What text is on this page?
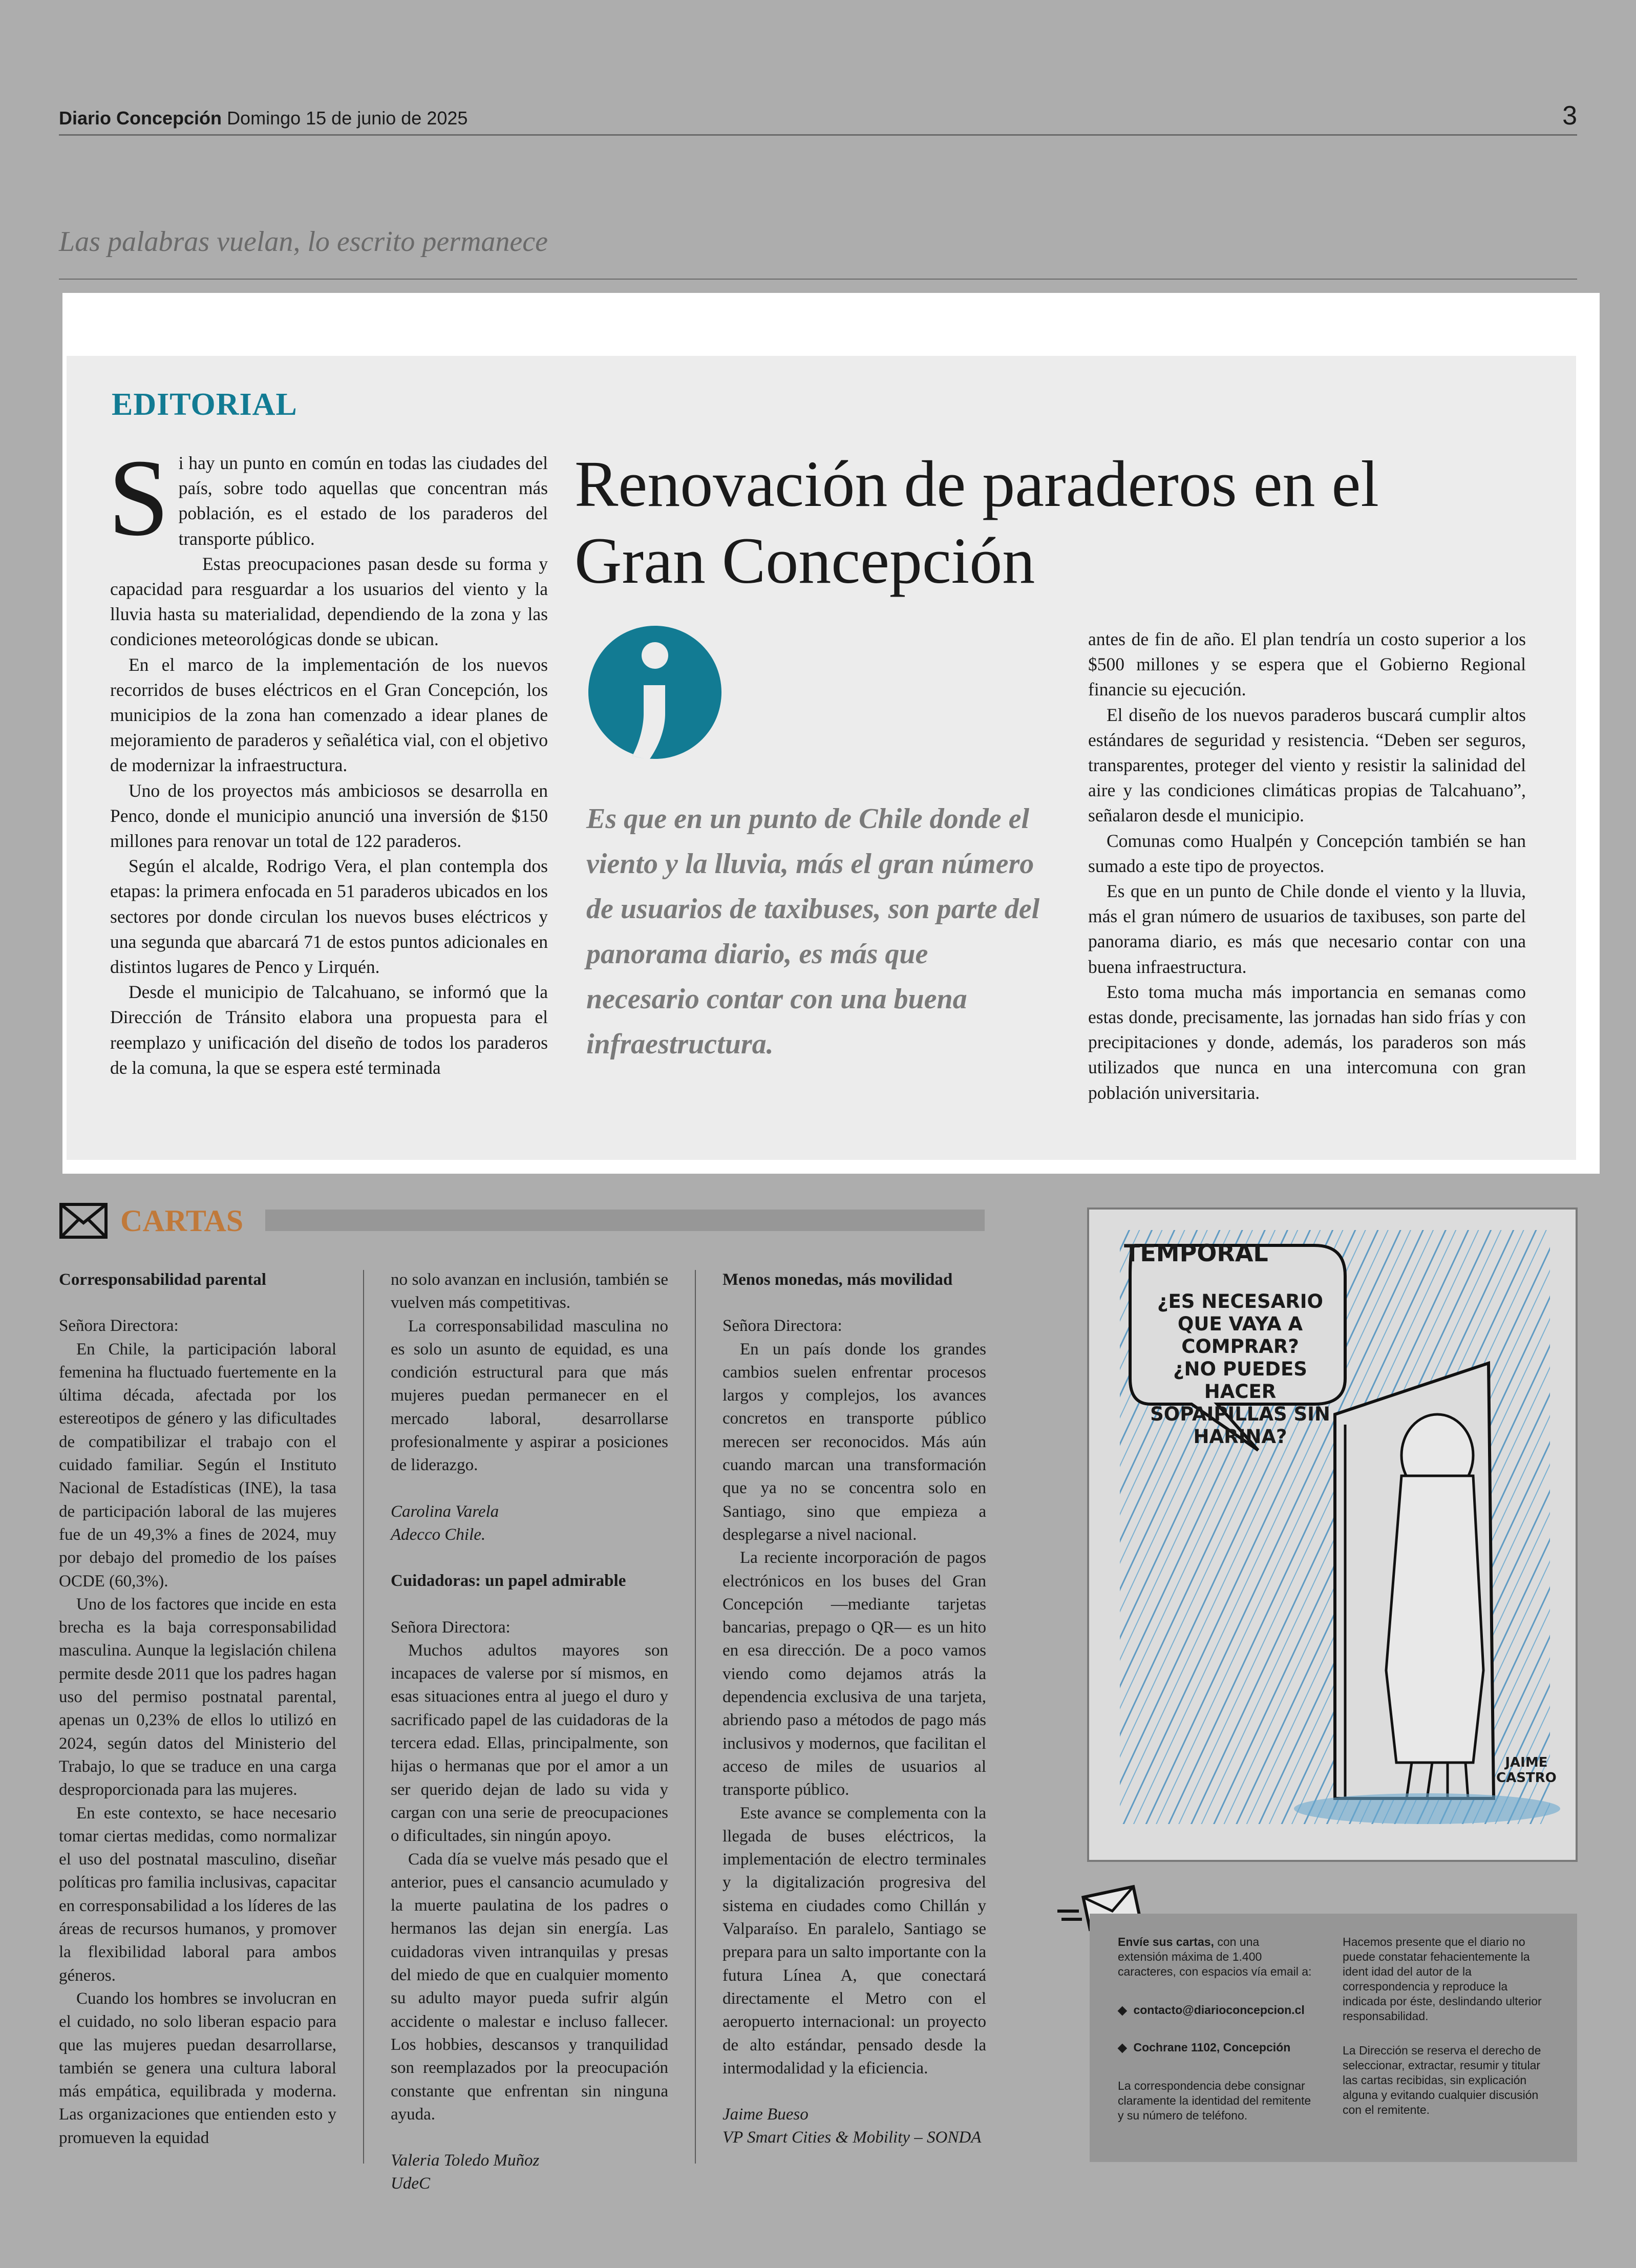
Diario Concepción Domingo 15 de junio de 2025	3
Las palabras vuelan, lo escrito permanece
EDITORIAL

Si hay un punto en común en todas las ciudades del país, sobre todo aquellas que concentran más población, es el estado de los paraderos del transporte público.

Estas preocupaciones pasan desde su forma y capacidad para resguardar a los usuarios del viento y la lluvia hasta su materialidad, dependiendo de la zona y las condiciones meteorológicas donde se ubican.

En el marco de la implementación de los nuevos recorridos de buses eléctricos en el Gran Concepción, los municipios de la zona han comenzado a idear planes de mejoramiento de paraderos y señalética vial, con el objetivo de modernizar la infraestructura.

Uno de los proyectos más ambiciosos se desarrolla en Penco, donde el municipio anunció una inversión de $150 millones para renovar un total de 122 paraderos.

Según el alcalde, Rodrigo Vera, el plan contempla dos etapas: la primera enfocada en 51 paraderos ubicados en los sectores por donde circulan los nuevos buses eléctricos y una segunda que abarcará 71 de estos puntos adicionales en distintos lugares de Penco y Lirquén.

Desde el municipio de Talcahuano, se informó que la Dirección de Tránsito elabora una propuesta para el reemplazo y unificación del diseño de todos los paraderos de la comuna, la que se espera esté terminada

Renovación de paraderos en el
Gran Concepción
Es que en un punto de Chile donde el viento y la lluvia, más el gran número de usuarios de taxibuses, son parte del panorama diario, es más que necesario contar con una buena infraestructura.

antes de fin de año. El plan tendría un costo superior a los $500 millones y se espera que el Gobierno Regional financie su ejecución.

El diseño de los nuevos paraderos buscará cumplir altos estándares de seguridad y resistencia. “Deben ser seguros, transparentes, proteger del viento y resistir la salinidad del aire y las condiciones climáticas propias de Talcahuano”, señalaron desde el municipio.

Comunas como Hualpén y Concepción también se han sumado a este tipo de proyectos.

Es que en un punto de Chile donde el viento y la lluvia, más el gran número de usuarios de taxibuses, son parte del panorama diario, es más que necesario contar con una buena infraestructura.

Esto toma mucha más importancia en semanas como estas donde, precisamente, las jornadas han sido frías y con precipitaciones y donde, además, los paraderos son más utilizados que nunca en una intercomuna con gran población universitaria.

CARTAS

Corresponsabilidad parental

Señora Directora:

En Chile, la participación laboral femenina ha fluctuado fuertemente en la última década, afectada por los estereotipos de género y las dificultades de compatibilizar el trabajo con el cuidado familiar. Según el Instituto Nacional de Estadísticas (INE), la tasa de participación laboral de las mujeres fue de un 49,3% a fines de 2024, muy por debajo del promedio de los países OCDE (60,3%).

Uno de los factores que incide en esta brecha es la baja corresponsabilidad masculina. Aunque la legislación chilena permite desde 2011 que los padres hagan uso del permiso postnatal parental, apenas un 0,23% de ellos lo utilizó en 2024, según datos del Ministerio del Trabajo, lo que se traduce en una carga desproporcionada para las mujeres.

En este contexto, se hace necesario tomar ciertas medidas, como normalizar el uso del postnatal masculino, diseñar políticas pro familia inclusivas, capacitar en corresponsabilidad a los líderes de las áreas de recursos humanos, y promover la flexibilidad laboral para ambos géneros.

Cuando los hombres se involucran en el cuidado, no solo liberan espacio para que las mujeres puedan desarrollarse, también se genera una cultura laboral más empática, equilibrada y moderna. Las organizaciones que entienden esto y promueven la equidad

no solo avanzan en inclusión, también se vuelven más competitivas.

La corresponsabilidad masculina no es solo un asunto de equidad, es una condición estructural para que más mujeres puedan permanecer en el mercado laboral, desarrollarse profesionalmente y aspirar a posiciones de liderazgo.

Carolina Varela

Adecco Chile.

Cuidadoras: un papel admirable

Señora Directora:

Muchos adultos mayores son incapaces de valerse por sí mismos, en esas situaciones entra al juego el duro y sacrificado papel de las cuidadoras de la tercera edad. Ellas, principalmente, son hijas o hermanas que por el amor a un ser querido dejan de lado su vida y cargan con una serie de preocupaciones o dificultades, sin ningún apoyo.

Cada día se vuelve más pesado que el anterior, pues el cansancio acumulado y la muerte paulatina de los padres o hermanos las dejan sin energía. Las cuidadoras viven intranquilas y presas del miedo de que en cualquier momento su adulto mayor pueda sufrir algún accidente o malestar e incluso fallecer. Los hobbies, descansos y tranquilidad son reemplazados por la preocupación constante que enfrentan sin ninguna ayuda.

Valeria Toledo Muñoz

UdeC

Menos monedas, más movilidad

Señora Directora:

En un país donde los grandes cambios suelen enfrentar procesos largos y complejos, los avances concretos en transporte público merecen ser reconocidos. Más aún cuando marcan una transformación que ya no se concentra solo en Santiago, sino que empieza a desplegarse a nivel nacional.

La reciente incorporación de pagos electrónicos en los buses del Gran Concepción —mediante tarjetas bancarias, prepago o QR— es un hito en esa dirección. De a poco vamos viendo como dejamos atrás la dependencia exclusiva de una tarjeta, abriendo paso a métodos de pago más inclusivos y modernos, que facilitan el acceso de miles de usuarios al transporte público.

Este avance se complementa con la llegada de buses eléctricos, la implementación de electro terminales y la digitalización progresiva del sistema en ciudades como Chillán y Valparaíso. En paralelo, Santiago se prepara para un salto importante con la futura Línea A, que conectará directamente el Metro con el aeropuerto internacional: un proyecto de alto estándar, pensado desde la intermodalidad y la eficiencia.

Jaime Bueso

VP Smart Cities & Mobility – SONDA

TEMPORAL
¿ES NECESARIO
QUE VAYA A COMPRAR?
¿NO PUEDES HACER
SOPAIPILLAS SIN
HARINA?
JAIME
CASTRO
Envíe sus cartas, con una extensión máxima de 1.400 caracteres, con espacios vía email a:
◆  contacto@diarioconcepcion.cl
◆  Cochrane 1102, Concepción
La correspondencia debe consignar claramente la identidad del remitente y su número de teléfono.
Hacemos presente que el diario no puede constatar fehacientemente la ident idad del autor de la correspondencia y reproduce la indicada por éste, deslindando ulterior responsabilidad.
La Dirección se reserva el derecho de seleccionar, extractar, resumir y titular las cartas recibidas, sin explicación alguna y evitando cualquier discusión con el remitente.
